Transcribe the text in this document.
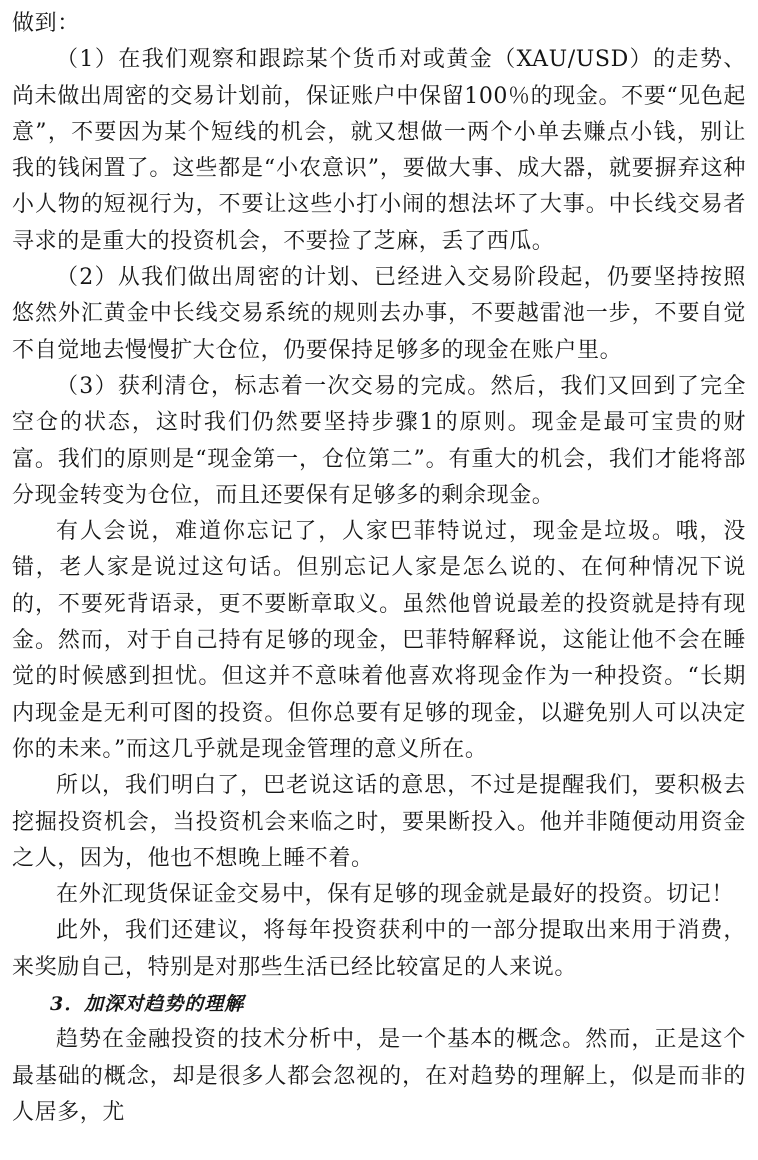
做到：

（1）在我们观察和跟踪某个货币对或黄金（XAU/USD）的走势、尚未做出周密的交易计划前，保证账户中保留100％的现金。不要“见色起意”，不要因为某个短线的机会，就又想做一两个小单去赚点小钱，别让我的钱闲置了。这些都是“小农意识”，要做大事、成大器，就要摒弃这种小人物的短视行为，不要让这些小打小闹的想法坏了大事。中长线交易者寻求的是重大的投资机会，不要捡了芝麻，丢了西瓜。

（2）从我们做出周密的计划、已经进入交易阶段起，仍要坚持按照悠然外汇黄金中长线交易系统的规则去办事，不要越雷池一步，不要自觉不自觉地去慢慢扩大仓位，仍要保持足够多的现金在账户里。

（3）获利清仓，标志着一次交易的完成。然后，我们又回到了完全空仓的状态，这时我们仍然要坚持步骤1的原则。现金是最可宝贵的财富。我们的原则是“现金第一，仓位第二”。有重大的机会，我们才能将部分现金转变为仓位，而且还要保有足够多的剩余现金。

有人会说，难道你忘记了，人家巴菲特说过，现金是垃圾。哦，没错，老人家是说过这句话。但别忘记人家是怎么说的、在何种情况下说的，不要死背语录，更不要断章取义。虽然他曾说最差的投资就是持有现金。然而，对于自己持有足够的现金，巴菲特解释说，这能让他不会在睡觉的时候感到担忧。但这并不意味着他喜欢将现金作为一种投资。“长期内现金是无利可图的投资。但你总要有足够的现金，以避免别人可以决定你的未来。”而这几乎就是现金管理的意义所在。

所以，我们明白了，巴老说这话的意思，不过是提醒我们，要积极去挖掘投资机会，当投资机会来临之时，要果断投入。他并非随便动用资金之人，因为，他也不想晚上睡不着。

在外汇现货保证金交易中，保有足够的现金就是最好的投资。切记！

此外，我们还建议，将每年投资获利中的一部分提取出来用于消费，来奖励自己，特别是对那些生活已经比较富足的人来说。

3．加深对趋势的理解

趋势在金融投资的技术分析中，是一个基本的概念。然而，正是这个最基础的概念，却是很多人都会忽视的，在对趋势的理解上，似是而非的人居多，尤
